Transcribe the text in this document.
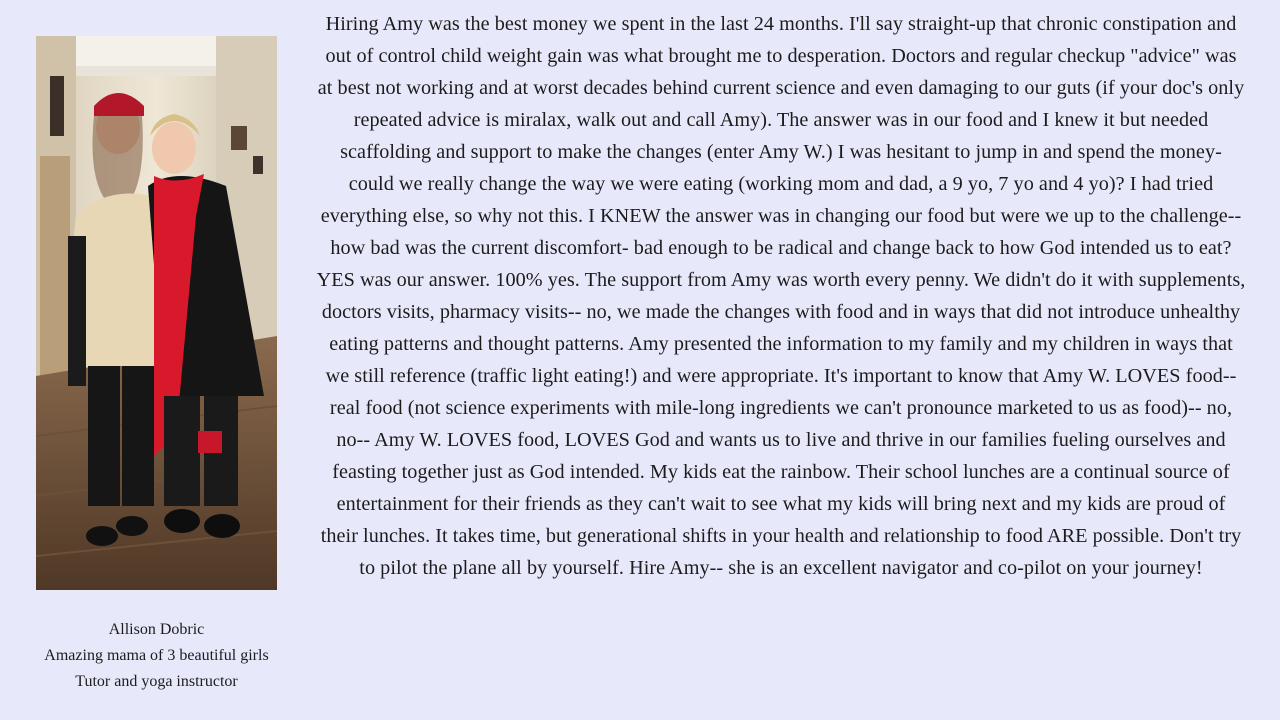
Allison Dobric
Amazing mama of 3 beautiful girls
Tutor and yoga instructor

Hiring Amy was the best money we spent in the last 24 months. I'll say straight-up that chronic constipation and out of control child weight gain was what brought me to desperation. Doctors and regular checkup "advice" was at best not working and at worst decades behind current science and even damaging to our guts (if your doc's only repeated advice is miralax, walk out and call Amy). The answer was in our food and I knew it but needed scaffolding and support to make the changes (enter Amy W.) I was hesitant to jump in and spend the money- could we really change the way we were eating (working mom and dad, a 9 yo, 7 yo and 4 yo)? I had tried everything else, so why not this. I KNEW the answer was in changing our food but were we up to the challenge-- how bad was the current discomfort- bad enough to be radical and change back to how God intended us to eat? YES was our answer. 100% yes. The support from Amy was worth every penny. We didn't do it with supplements, doctors visits, pharmacy visits-- no, we made the changes with food and in ways that did not introduce unhealthy eating patterns and thought patterns. Amy presented the information to my family and my children in ways that we still reference (traffic light eating!) and were appropriate. It's important to know that Amy W. LOVES food-- real food (not science experiments with mile-long ingredients we can't pronounce marketed to us as food)-- no, no-- Amy W. LOVES food, LOVES God and wants us to live and thrive in our families fueling ourselves and feasting together just as God intended. My kids eat the rainbow. Their school lunches are a continual source of entertainment for their friends as they can't wait to see what my kids will bring next and my kids are proud of their lunches. It takes time, but generational shifts in your health and relationship to food ARE possible. Don't try to pilot the plane all by yourself. Hire Amy-- she is an excellent navigator and co-pilot on your journey!
